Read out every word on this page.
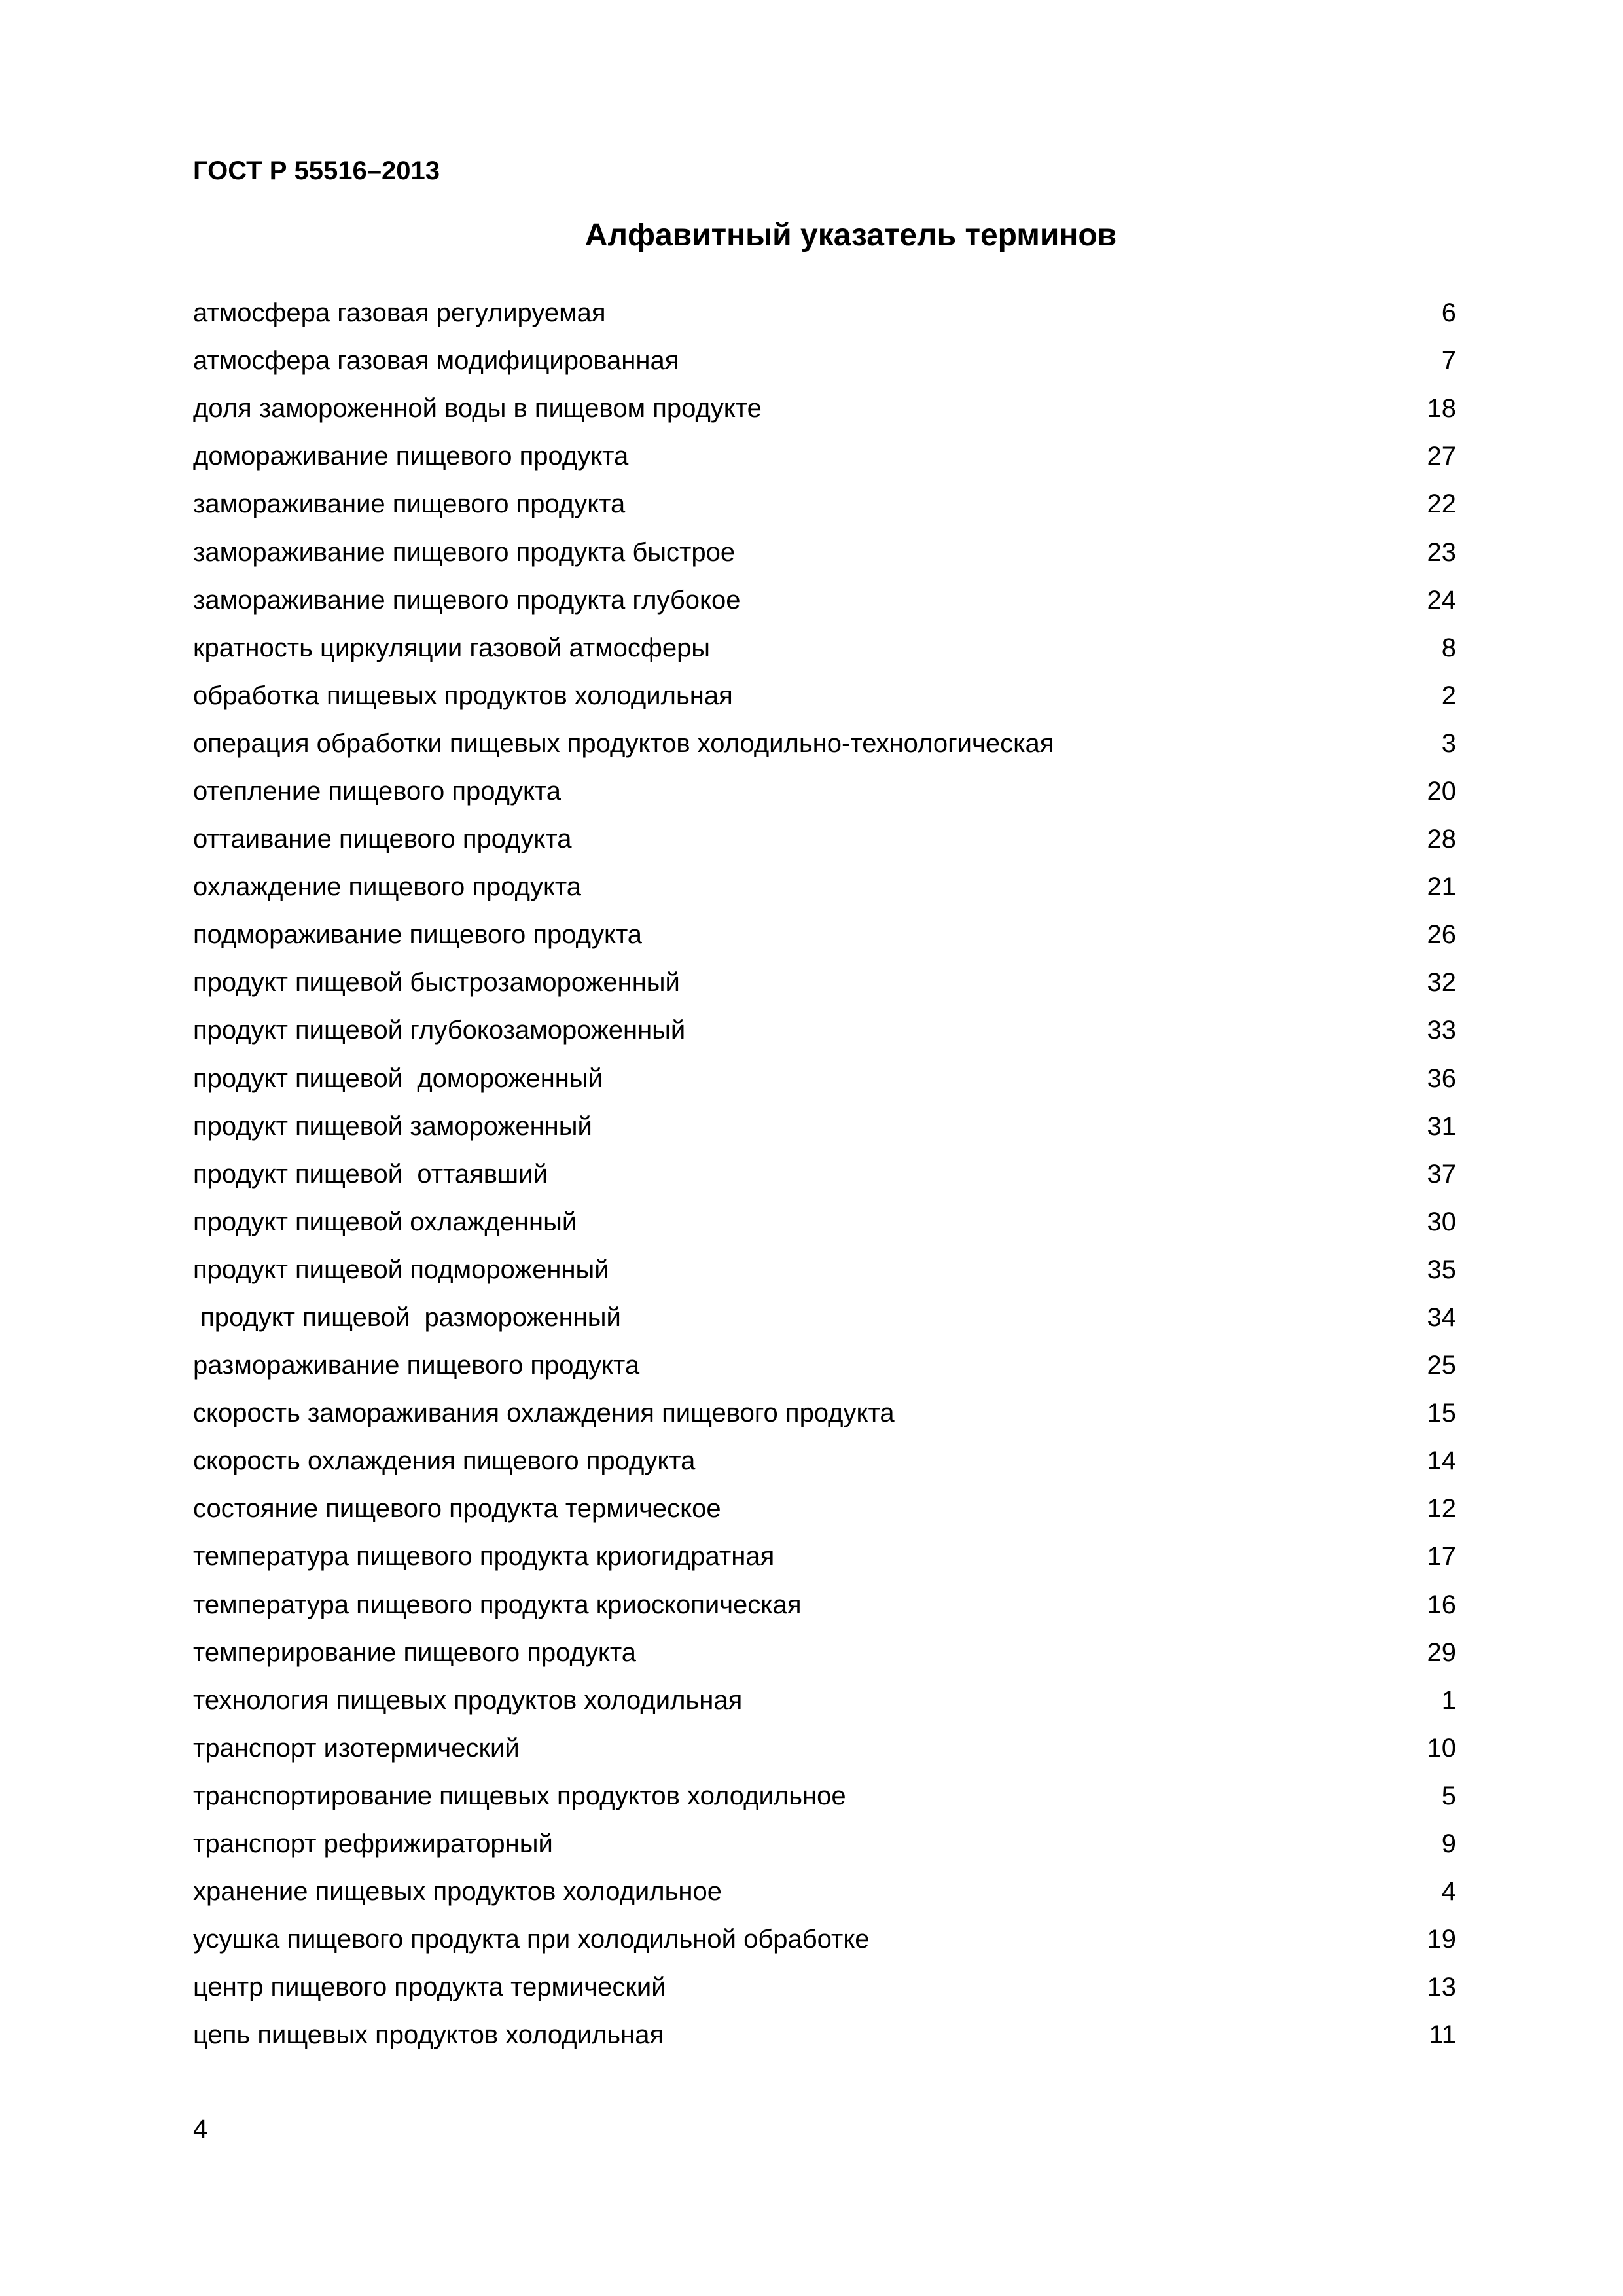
ГОСТ Р 55516–2013

Алфавитный указатель терминов
атмосфера газовая регулируемая	6
атмосфера газовая модифицированная	7
доля замороженной воды в пищевом продукте	18
домораживание пищевого продукта	27
замораживание пищевого продукта	22
замораживание пищевого продукта быстрое	23
замораживание пищевого продукта глубокое	24
кратность циркуляции газовой атмосферы	8
обработка пищевых продуктов холодильная	2
операция обработки пищевых продуктов холодильно-технологическая	3
отепление пищевого продукта	20
оттаивание пищевого продукта	28
охлаждение пищевого продукта	21
подмораживание пищевого продукта	26
продукт пищевой быстрозамороженный	32
продукт пищевой глубокозамороженный	33
продукт пищевой  домороженный	36
продукт пищевой замороженный	31
продукт пищевой  оттаявший	37
продукт пищевой охлажденный	30
продукт пищевой подмороженный	35
продукт пищевой  размороженный	34
размораживание пищевого продукта	25
скорость замораживания охлаждения пищевого продукта	15
скорость охлаждения пищевого продукта	14
состояние пищевого продукта термическое	12
температура пищевого продукта криогидратная	17
температура пищевого продукта криоскопическая	16
темперирование пищевого продукта	29
технология пищевых продуктов холодильная	1
транспорт изотермический	10
транспортирование пищевых продуктов холодильное	5
транспорт рефрижираторный	9
хранение пищевых продуктов холодильное	4
усушка пищевого продукта при холодильной обработке	19
центр пищевого продукта термический	13
цепь пищевых продуктов холодильная	11

4
